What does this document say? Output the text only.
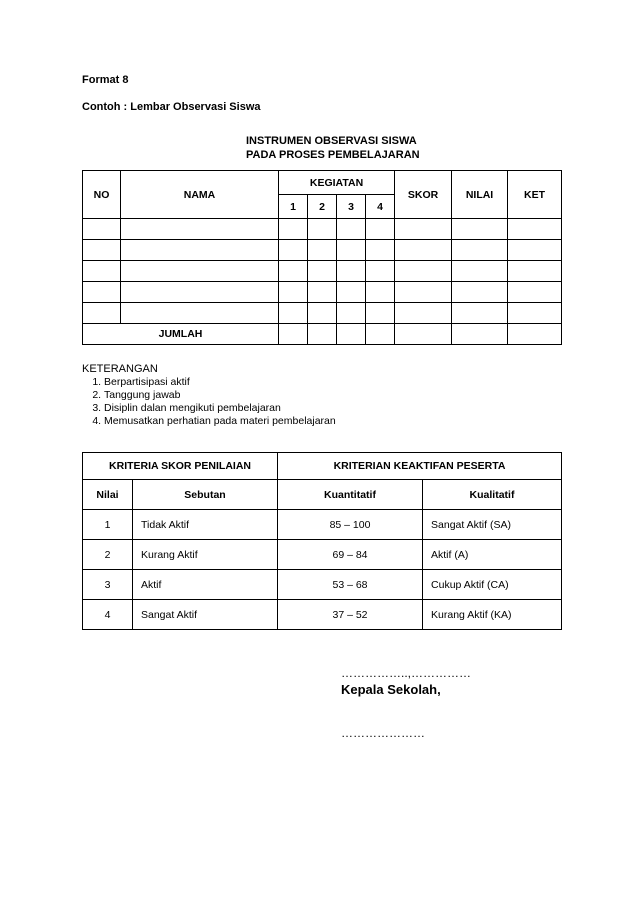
Format 8
Contoh : Lembar Observasi Siswa
INSTRUMEN OBSERVASI SISWA
PADA PROSES PEMBELAJARAN
NO	NAMA	KEGIATAN				SKOR	NILAI	KET
		1	2	3	4			

JUMLAH								
KETERANGAN
1. Berpartisipasi aktif
2. Tanggung jawab
3. Disiplin dalan mengikuti pembelajaran
4. Memusatkan perhatian pada materi pembelajaran
KRITERIA SKOR PENILAIAN		KRITERIAN KEAKTIFAN PESERTA	
Nilai	Sebutan	Kuantitatif	Kualitatif
1	Tidak Aktif	85 – 100	Sangat Aktif (SA)
2	Kurang Aktif	69 – 84	Aktif (A)
3	Aktif	53 – 68	Cukup Aktif (CA)
4	Sangat Aktif	37 – 52	Kurang Aktif (KA)
……………..,……………
Kepala Sekolah,
…………………
